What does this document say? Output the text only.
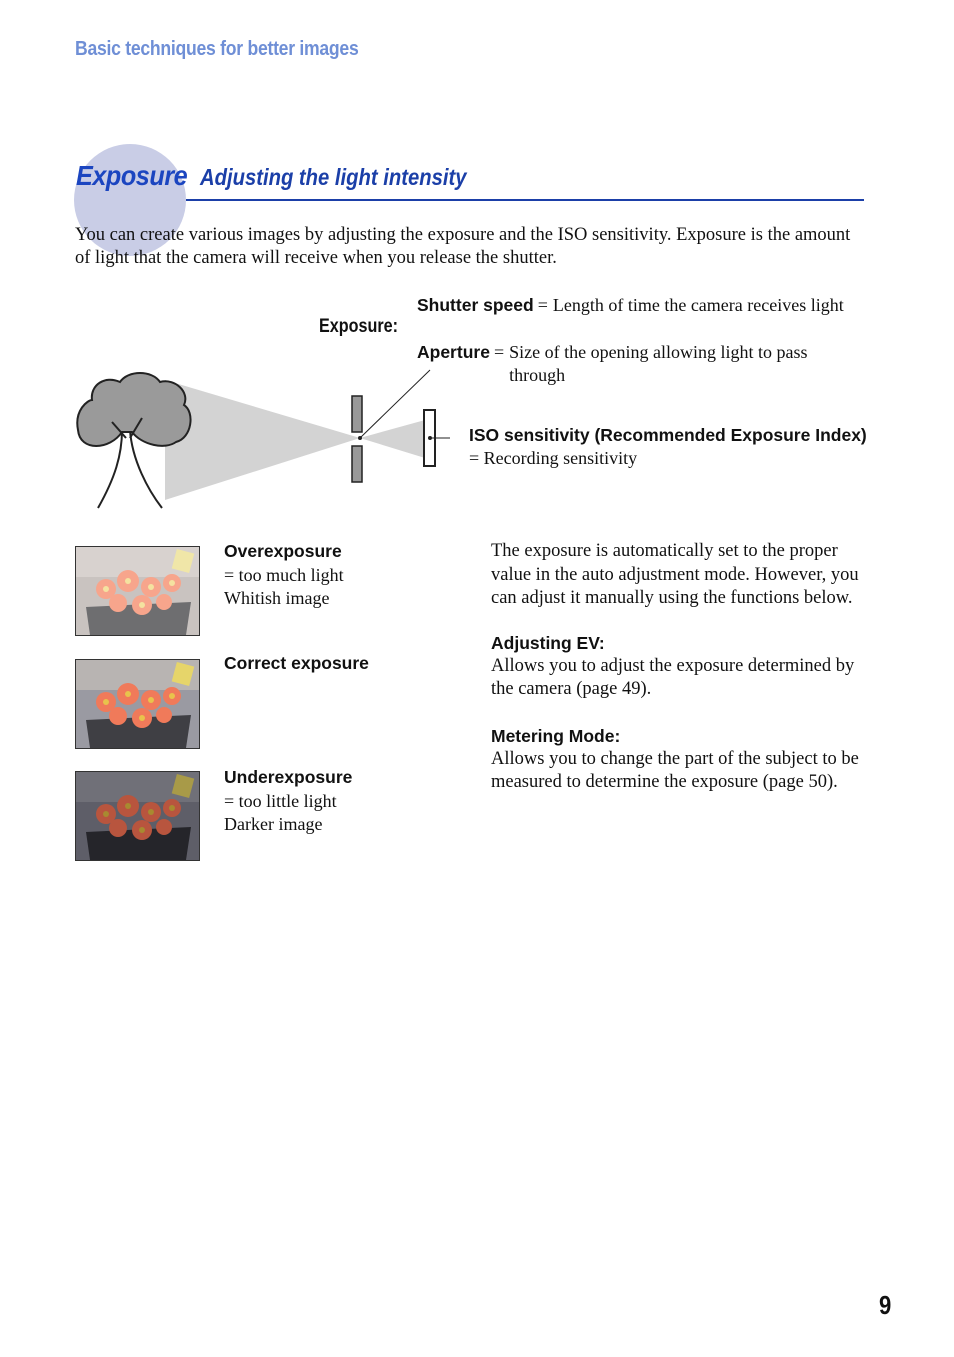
Basic techniques for better images
Exposure Adjusting the light intensity
You can create various images by adjusting the exposure and the ISO sensitivity. Exposure is the amount of light that the camera will receive when you release the shutter.
Exposure:
Shutter speed = Length of time the camera receives light
Aperture = Size of the opening allowing light to pass through
ISO sensitivity (Recommended Exposure Index)
= Recording sensitivity
Overexposure
= too much light
Whitish image
Correct exposure
Underexposure
= too little light
Darker image
The exposure is automatically set to the proper value in the auto adjustment mode. However, you can adjust it manually using the functions below.
Adjusting EV:
Allows you to adjust the exposure determined by the camera (page 49).
Metering Mode:
Allows you to change the part of the subject to be measured to determine the exposure (page 50).
9
